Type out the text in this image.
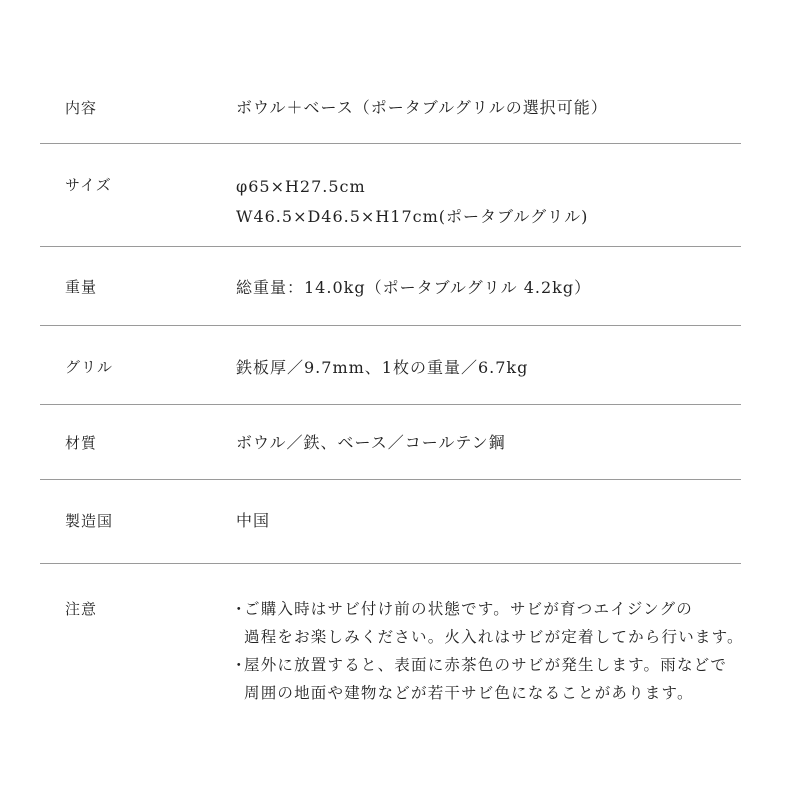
内容	ボウル＋ベース（ポータブルグリルの選択可能）
サイズ	φ65×H27.5cm
W46.5×D46.5×H17cm(ポータブルグリル)
重量	総重量：14.0kg（ポータブルグリル 4.2kg）
グリル	鉄板厚／9.7mm、1枚の重量／6.7kg
材質	ボウル／鉄、ベース／コールテン鋼
製造国	中国
注意	・ご購入時はサビ付け前の状態です。サビが育つエイジングの
過程をお楽しみください。火入れはサビが定着してから行います。
・屋外に放置すると、表面に赤茶色のサビが発生します。雨などで
周囲の地面や建物などが若干サビ色になることがあります。
